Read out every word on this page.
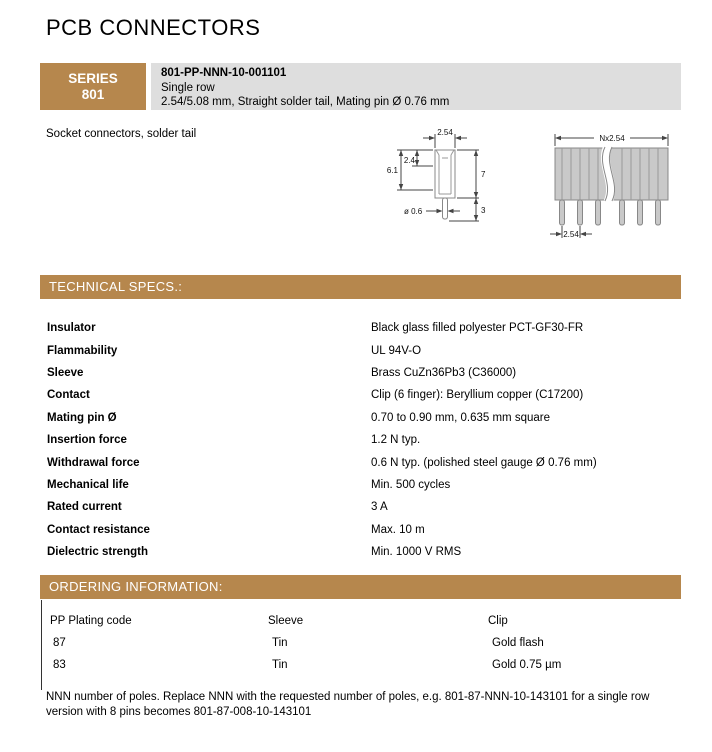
PCB CONNECTORS
SERIES
801
801-PP-NNN-10-001101
Single row
2.54/5.08 mm, Straight solder tail, Mating pin Ø 0.76 mm
Socket connectors, solder tail	2.54
2.4
6.1	7
3
ø 0.6
Nx2.54
2.54
TECHNICAL SPECS.:
Insulator	Black glass filled polyester PCT-GF30-FR
Flammability	UL 94V-O
Sleeve	Brass CuZn36Pb3 (C36000)
Contact	Clip (6 finger): Beryllium copper (C17200)
Mating pin Ø	0.70 to 0.90 mm, 0.635 mm square
Insertion force	1.2 N typ.
Withdrawal force	0.6 N typ. (polished steel gauge Ø 0.76 mm)
Mechanical life	Min. 500 cycles
Rated current	3 A
Contact resistance	Max. 10 m
Dielectric strength	Min. 1000 V RMS
ORDERING INFORMATION:
PP Plating code	Sleeve	Clip
87	Tin	Gold flash
83	Tin	Gold 0.75 µm
NNN number of poles. Replace NNN with the requested number of poles, e.g. 801-87-NNN-10-143101 for a single row version with 8 pins becomes 801-87-008-10-143101
